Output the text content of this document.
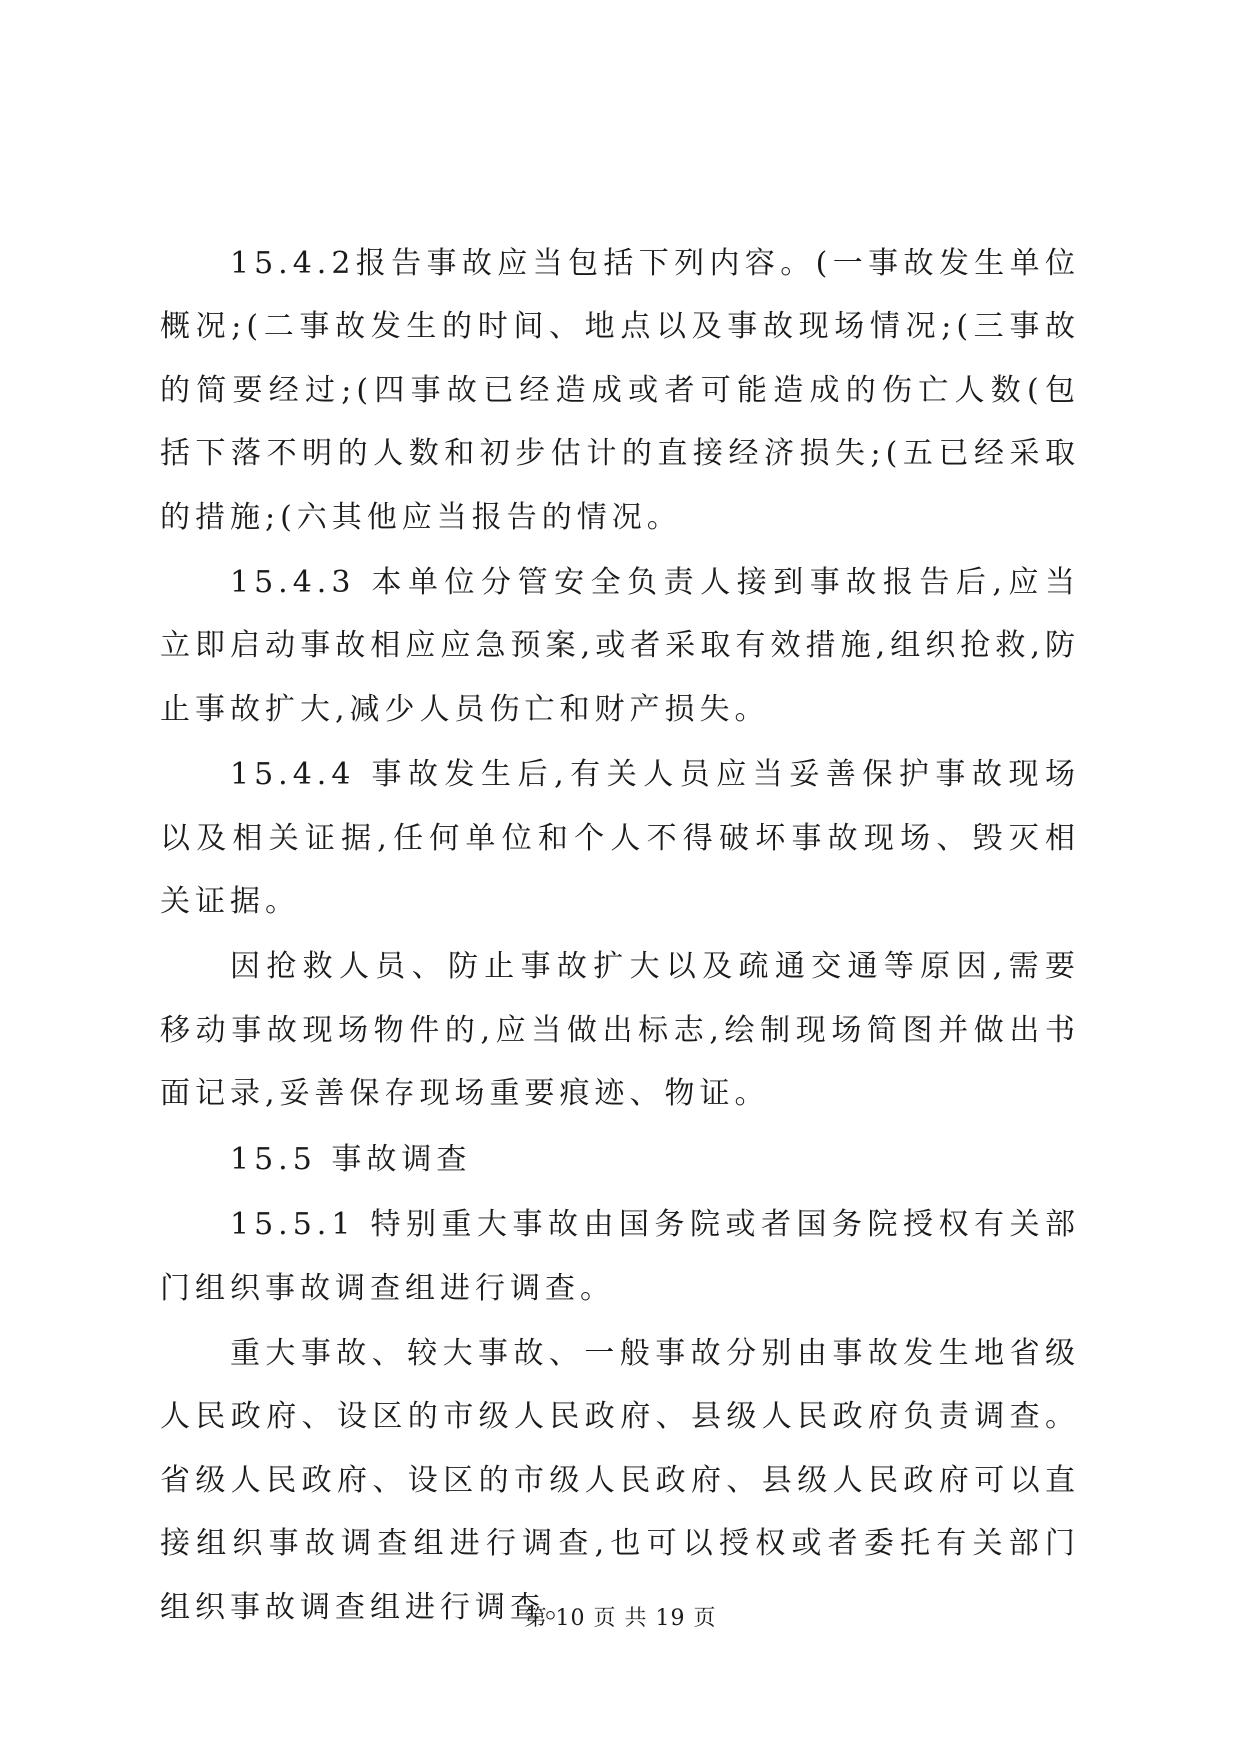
15.4.2报告事故应当包括下列内容。(一事故发生单位概况;(二事故发生的时间、地点以及事故现场情况;(三事故的简要经过;(四事故已经造成或者可能造成的伤亡人数(包括下落不明的人数和初步估计的直接经济损失;(五已经采取的措施;(六其他应当报告的情况。

15.4.3 本单位分管安全负责人接到事故报告后,应当立即启动事故相应应急预案,或者采取有效措施,组织抢救,防止事故扩大,减少人员伤亡和财产损失。

15.4.4 事故发生后,有关人员应当妥善保护事故现场以及相关证据,任何单位和个人不得破坏事故现场、毁灭相关证据。

因抢救人员、防止事故扩大以及疏通交通等原因,需要移动事故现场物件的,应当做出标志,绘制现场简图并做出书面记录,妥善保存现场重要痕迹、物证。

15.5 事故调查

15.5.1 特别重大事故由国务院或者国务院授权有关部门组织事故调查组进行调查。

重大事故、较大事故、一般事故分别由事故发生地省级人民政府、设区的市级人民政府、县级人民政府负责调查。省级人民政府、设区的市级人民政府、县级人民政府可以直接组织事故调查组进行调查,也可以授权或者委托有关部门组织事故调查组进行调查。

第 10 页 共 19 页
